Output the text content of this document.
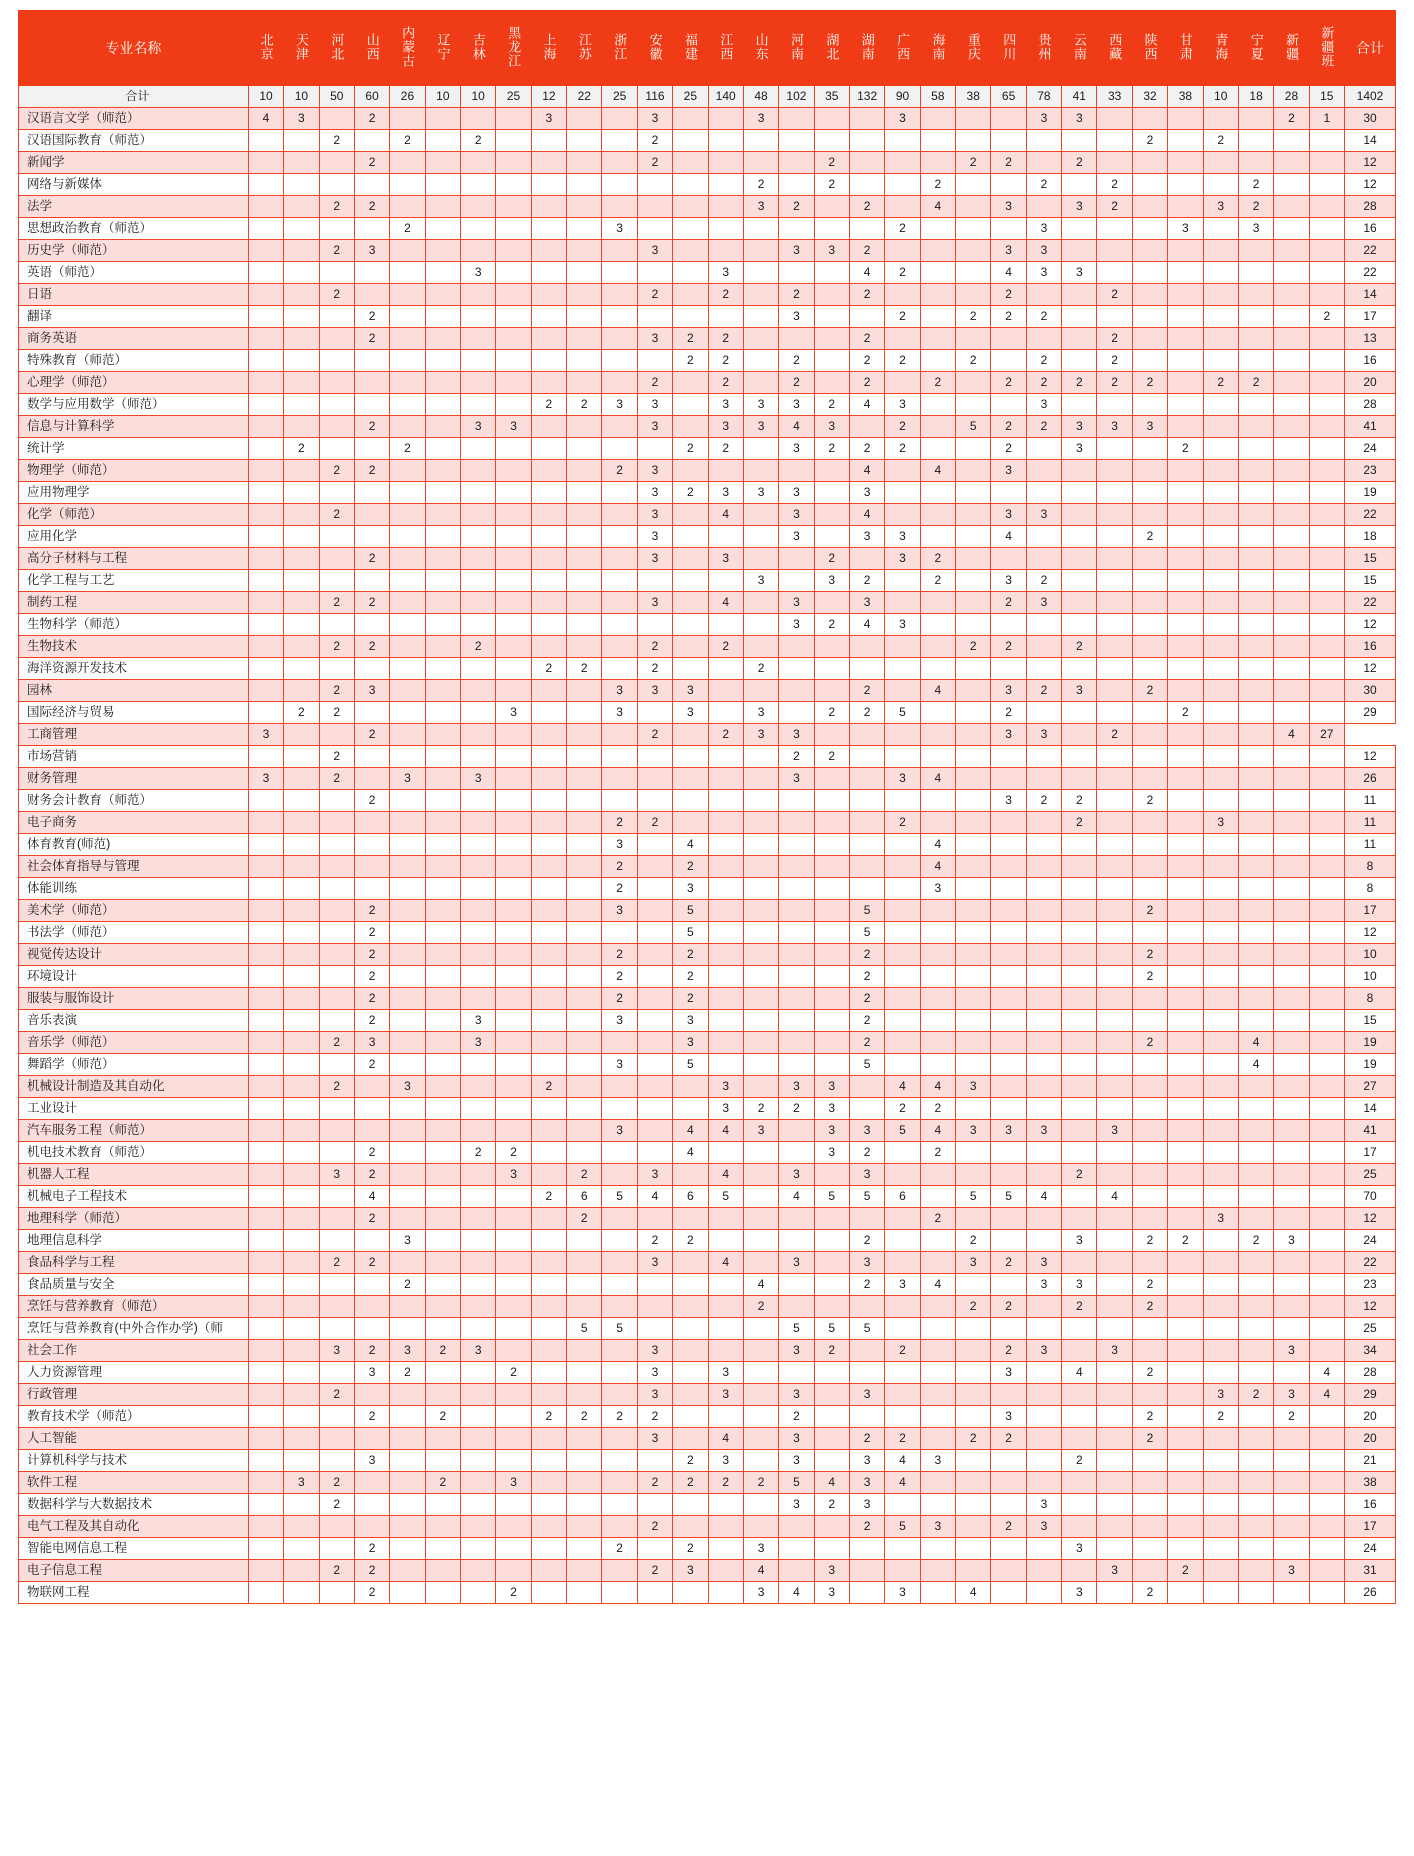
专业名称	北京	天津	河北	山西	内蒙古	辽宁	吉林	黑龙江	上海	江苏	浙江	安徽	福建	江西	山东	河南	湖北	湖南	广西	海南	重庆	四川	贵州	云南	西藏	陕西	甘肃	青海	宁夏	新疆	新疆班	合计
合计	10	10	50	60	26	10	10	25	12	22	25	116	25	140	48	102	35	132	90	58	38	65	78	41	33	32	38	10	18	28	15	1402
汉语言文学（师范）	4	3		2					3			3			3				3				3	3						2	1	30
汉语国际教育（师范）			2		2		2					2														2		2				14
新闻学				2								2					2				2	2		2								12
网络与新媒体															2		2			2			2		2				2			12
法学			2	2											3	2		2		4		3		3	2			3	2			28
思想政治教育（师范）					2						3								2				3				3		3			16
历史学（师范）			2	3								3				3	3	2				3	3									22
英语（师范）							3							3				4	2			4	3	3								22
日语			2									2		2		2		2				2			2							14
翻译				2												3			2		2	2	2								2	17
商务英语				2								3	2	2				2							2							13
特殊教育（师范）													2	2		2		2	2		2		2		2							16
心理学（师范）												2		2		2		2		2		2	2	2	2	2		2	2			20
数学与应用数学（师范）									2	2	3	3		3	3	3	2	4	3				3									28
信息与计算科学				2			3	3				3		3	3	4	3		2		5	2	2	3	3	3						41
统计学		2			2								2	2		3	2	2	2			2		3			2					24
物理学（师范）			2	2							2	3						4		4		3										23
应用物理学												3	2	3	3	3		3														19
化学（师范）			2									3		4		3		4				3	3									22
应用化学												3				3		3	3			4				2						18
高分子材料与工程				2								3		3			2		3	2												15
化学工程与工艺															3		3	2		2		3	2									15
制药工程			2	2								3		4		3		3				2	3									22
生物科学（师范）																3	2	4	3													12
生物技术			2	2			2					2		2							2	2		2								16
海洋资源开发技术									2	2		2			2																	12
园林			2	3							3	3	3					2		4		3	2	3		2						30
国际经济与贸易		2	2					3			3		3		3		2	2	5			2					2					29
工商管理	3			2								2		2	3	3						3	3		2					4	27	
市场营销			2													2	2															12
财务管理	3		2		3		3									3			3	4												26
财务会计教育（师范）				2																		3	2	2		2						11
电子商务											2	2							2					2				3				11
体育教育(师范)											3		4							4												11
社会体育指导与管理											2		2							4												8
体能训练											2		3							3												8
美术学（师范）				2							3		5					5								2						17
书法学（师范）				2									5					5														12
视觉传达设计				2							2		2					2								2						10
环境设计				2							2		2					2								2						10
服装与服饰设计				2							2		2					2														8
音乐表演				2			3				3		3					2														15
音乐学（师范）			2	3			3						3					2								2			4			19
舞蹈学（师范）				2							3		5					5											4			19
机械设计制造及其自动化			2		3				2					3		3	3		4	4	3											27
工业设计														3	2	2	3		2	2												14
汽车服务工程（师范）											3		4	4	3		3	3	5	4	3	3	3		3							41
机电技术教育（师范）				2			2	2					4				3	2		2												17
机器人工程			3	2				3		2		3		4		3		3						2								25
机械电子工程技术				4					2	6	5	4	6	5		4	5	5	6		5	5	4		4							70
地理科学（师范）				2						2										2								3				12
地理信息科学					3							2	2					2			2			3		2	2		2	3		24
食品科学与工程			2	2								3		4		3		3			3	2	3									22
食品质量与安全					2										4			2	3	4			3	3		2						23
烹饪与营养教育（师范）															2						2	2		2		2						12
烹饪与营养教育(中外合作办学)（师										5	5					5	5	5														25
社会工作			3	2	3	2	3					3				3	2		2			2	3		3					3		34
人力资源管理				3	2			2				3		3								3		4		2					4	28
行政管理			2									3		3		3		3										3	2	3	4	29
教育技术学（师范）				2		2			2	2	2	2				2						3				2		2		2		20
人工智能												3		4		3		2	2		2	2				2						20
计算机科学与技术				3									2	3		3		3	4	3				2								21
软件工程		3	2			2		3				2	2	2	2	5	4	3	4													38
数据科学与大数据技术			2													3	2	3					3									16
电气工程及其自动化												2						2	5	3		2	3									17
智能电网信息工程				2							2		2		3									3								24
电子信息工程			2	2								2	3		4		3								3		2			3		31
物联网工程				2				2							3	4	3		3		4			3		2						26
